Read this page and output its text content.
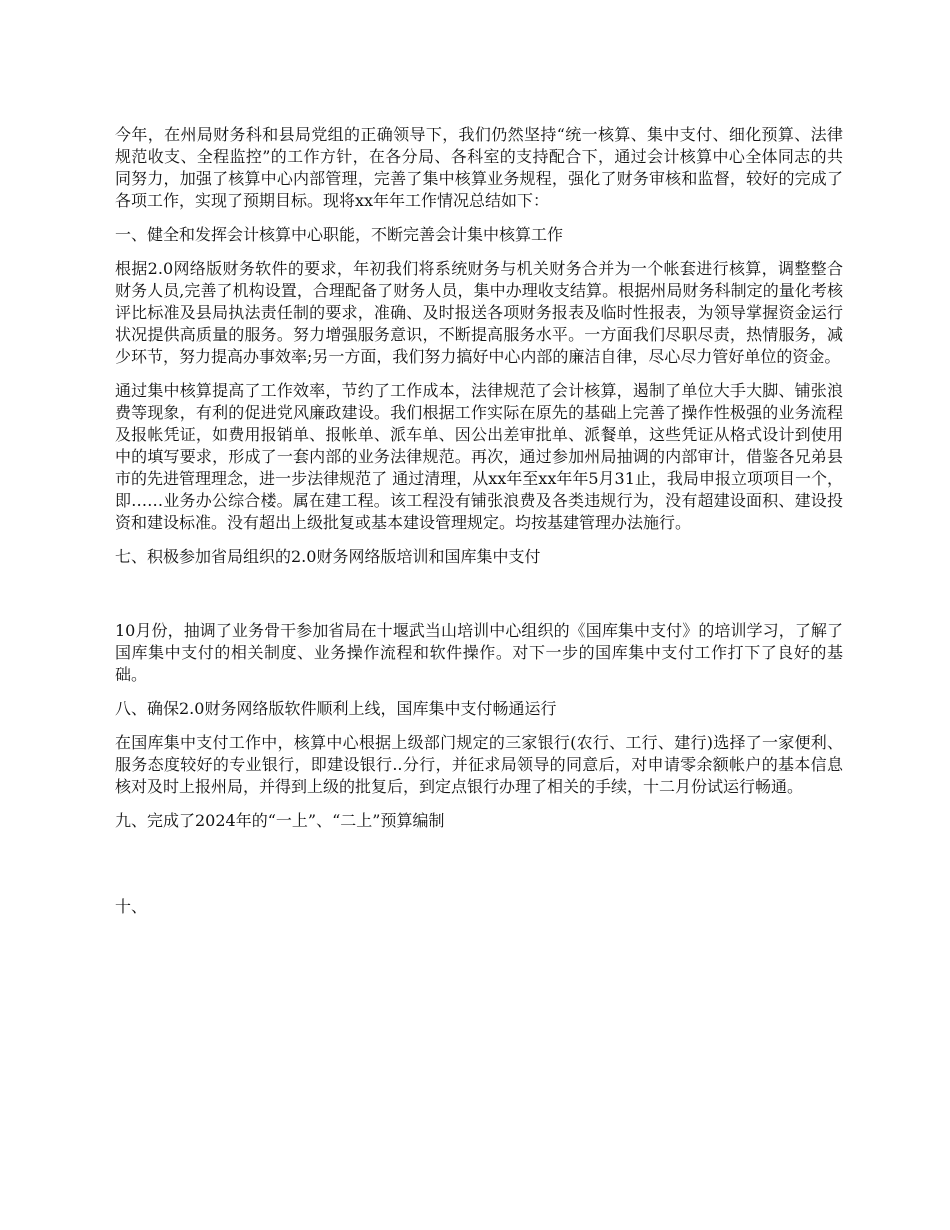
今年，在州局财务科和县局党组的正确领导下，我们仍然坚持“统一核算、集中支付、细化预算、法律规范收支、全程监控”的工作方针，在各分局、各科室的支持配合下，通过会计核算中心全体同志的共同努力，加强了核算中心内部管理，完善了集中核算业务规程，强化了财务审核和监督，较好的完成了各项工作，实现了预期目标。现将xx年年工作情况总结如下：

一、健全和发挥会计核算中心职能，不断完善会计集中核算工作

根据2.0网络版财务软件的要求，年初我们将系统财务与机关财务合并为一个帐套进行核算，调整整合财务人员,完善了机构设置，合理配备了财务人员，集中办理收支结算。根据州局财务科制定的量化考核评比标准及县局执法责任制的要求，准确、及时报送各项财务报表及临时性报表，为领导掌握资金运行状况提供高质量的服务。努力增强服务意识，不断提高服务水平。一方面我们尽职尽责，热情服务，减少环节，努力提高办事效率;另一方面，我们努力搞好中心内部的廉洁自律，尽心尽力管好单位的资金。

通过集中核算提高了工作效率，节约了工作成本，法律规范了会计核算，遏制了单位大手大脚、铺张浪费等现象，有利的促进党风廉政建设。我们根据工作实际在原先的基础上完善了操作性极强的业务流程及报帐凭证，如费用报销单、报帐单、派车单、因公出差审批单、派餐单，这些凭证从格式设计到使用中的填写要求，形成了一套内部的业务法律规范。再次，通过参加州局抽调的内部审计，借鉴各兄弟县市的先进管理理念，进一步法律规范了 通过清理，从xx年至xx年年5月31止，我局申报立项项目一个，即……业务办公综合楼。属在建工程。该工程没有铺张浪费及各类违规行为，没有超建设面积、建设投资和建设标准。没有超出上级批复或基本建设管理规定。均按基建管理办法施行。

七、积极参加省局组织的2.0财务网络版培训和国库集中支付

10月份，抽调了业务骨干参加省局在十堰武当山培训中心组织的《国库集中支付》的培训学习，了解了国库集中支付的相关制度、业务操作流程和软件操作。对下一步的国库集中支付工作打下了良好的基础。

八、确保2.0财务网络版软件顺利上线，国库集中支付畅通运行

在国库集中支付工作中，核算中心根据上级部门规定的三家银行(农行、工行、建行)选择了一家便利、服务态度较好的专业银行，即建设银行..分行，并征求局领导的同意后，对申请零余额帐户的基本信息核对及时上报州局，并得到上级的批复后，到定点银行办理了相关的手续，十二月份试运行畅通。

九、完成了2024年的“一上”、“二上”预算编制

十、
